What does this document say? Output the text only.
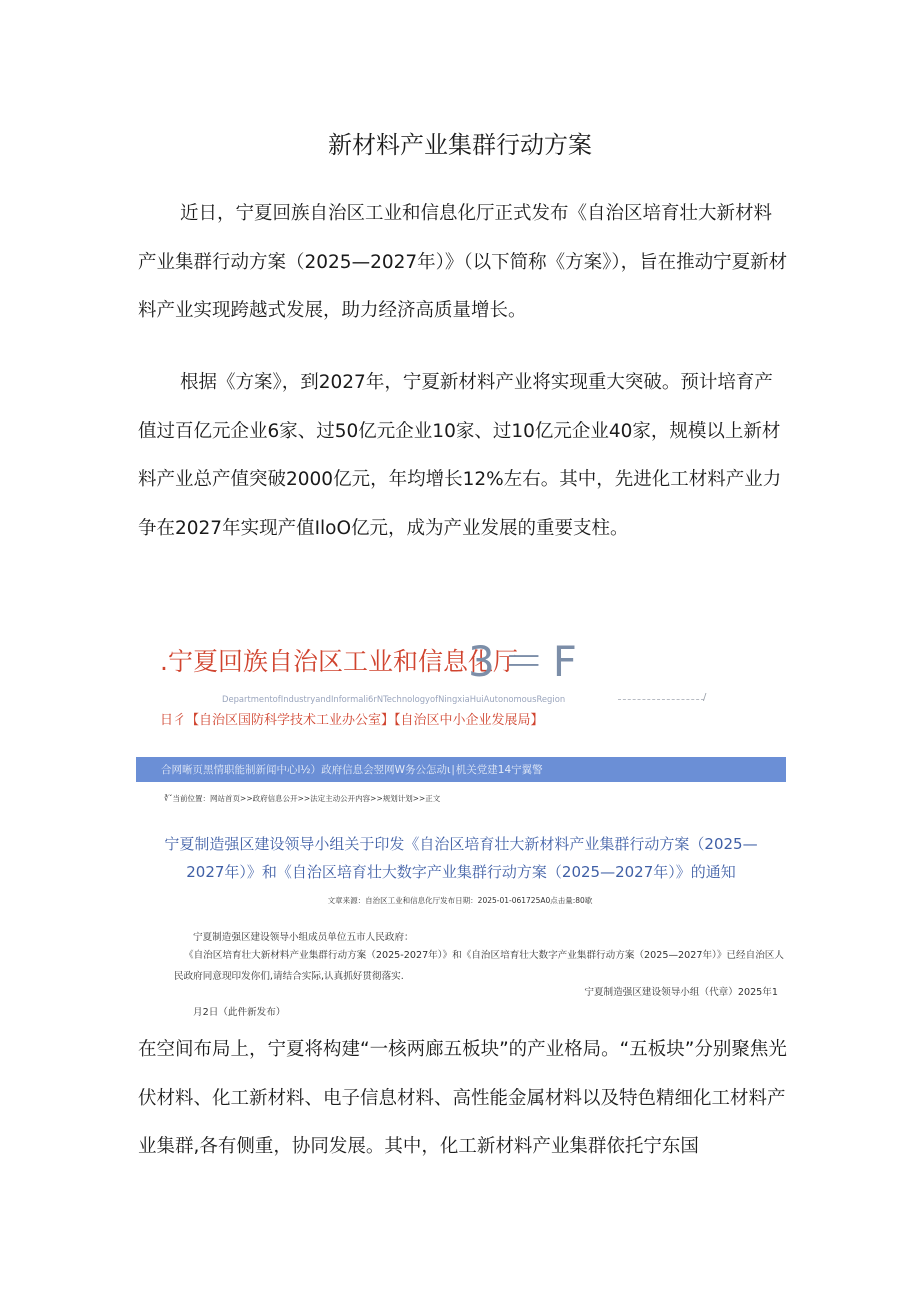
新材料产业集群行动方案

近日，宁夏回族自治区工业和信息化厅正式发布《自治区培育壮大新材料产业集群行动方案（2025—2027年）》（以下简称《方案》），旨在推动宁夏新材料产业实现跨越式发展，助力经济高质量增长。

根据《方案》，到2027年，宁夏新材料产业将实现重大突破。预计培育产值过百亿元企业6家、过50亿元企业10家、过10亿元企业40家，规模以上新材料产业总产值突破2000亿元，年均增长12%左右。其中，先进化工材料产业力争在2027年实现产值IloO亿元，成为产业发展的重要支柱。

.宁夏回族自治区工业和信息化厅
3＝F
DepartmentofIndustryandInformali6rNTechnologyofNingxiaHuiAutonomousRegion	/
日彳【自治区国防科学技术工业办公室】【自治区中小企业发展局】
合网晰页黑情职能制新闻中心l½）政府信息会翌网W务公怎动ι∣机关党建14宁翼警
∛ˇ当前位置：网站首页>>政府信息公开>>法定主动公开内容>>规划计划>>正文

宁夏制造强区建设领导小组关于印发《自治区培育壮大新材料产业集群行动方案（2025—2027年）》和《自治区培育壮大数字产业集群行动方案（2025—2027年）》的通知

文章来源：自治区工业和信息化厅发布日期：2025-01-061725A0点击量:80歇

宁夏制造强区建设领导小组成员单位五市人民政府：

《自治区培育壮大新材料产业集群行动方案（2025-2027年）》和《自治区培育壮大数字产业集群行动方案（2025—2027年）》已经自治区人民政府同意现印发你们,请结合实际,认真抓好贯彻落实.

宁夏制造强区建设领导小组（代章）2025年1
月2日（此件新发布）

在空间布局上，宁夏将构建“一核两廊五板块”的产业格局。“五板块”分别聚焦光伏材料、化工新材料、电子信息材料、高性能金属材料以及特色精细化工材料产业集群,各有侧重，协同发展。其中，化工新材料产业集群依托宁东国
